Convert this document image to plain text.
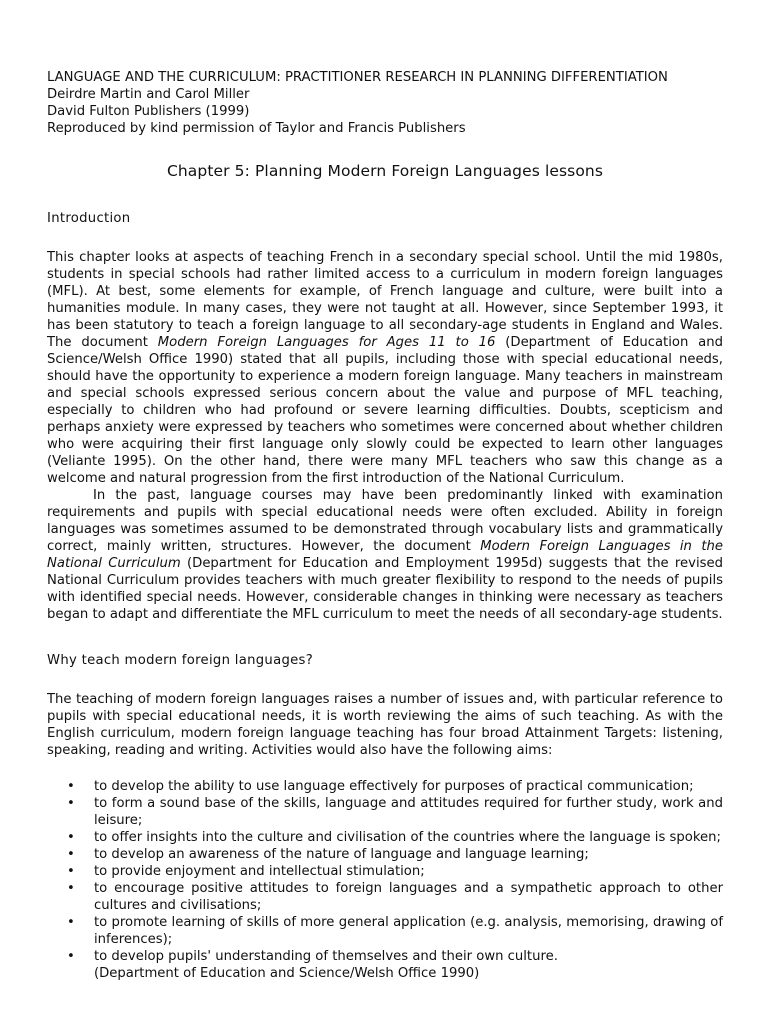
LANGUAGE AND THE CURRICULUM: PRACTITIONER RESEARCH IN PLANNING DIFFERENTIATION
Deirdre Martin and Carol Miller
David Fulton Publishers (1999)
Reproduced by kind permission of Taylor and Francis Publishers
Chapter 5: Planning Modern Foreign Languages lessons
Introduction

This chapter looks at aspects of teaching French in a secondary special school. Until the mid 1980s, students in special schools had rather limited access to a curriculum in modern foreign languages (MFL). At best, some elements for example, of French language and culture, were built into a humanities module. In many cases, they were not taught at all. However, since September 1993, it has been statutory to teach a foreign language to all secondary-age students in England and Wales. The document Modern Foreign Languages for Ages 11 to 16 (Department of Education and Science/Welsh Office 1990) stated that all pupils, including those with special educational needs, should have the opportunity to experience a modern foreign language. Many teachers in mainstream and special schools expressed serious concern about the value and purpose of MFL teaching, especially to children who had profound or severe learning difficulties. Doubts, scepticism and perhaps anxiety were expressed by teachers who sometimes were concerned about whether children who were acquiring their first language only slowly could be expected to learn other languages (Veliante 1995). On the other hand, there were many MFL teachers who saw this change as a welcome and natural progression from the first introduction of the National Curriculum.

In the past, language courses may have been predominantly linked with examination requirements and pupils with special educational needs were often excluded. Ability in foreign languages was sometimes assumed to be demonstrated through vocabulary lists and grammatically correct, mainly written, structures. However, the document Modern Foreign Languages in the National Curriculum (Department for Education and Employment 1995d) suggests that the revised National Curriculum provides teachers with much greater flexibility to respond to the needs of pupils with identified special needs. However, considerable changes in thinking were necessary as teachers began to adapt and differentiate the MFL curriculum to meet the needs of all secondary-age students.

Why teach modern foreign languages?

The teaching of modern foreign languages raises a number of issues and, with particular reference to pupils with special educational needs, it is worth reviewing the aims of such teaching. As with the English curriculum, modern foreign language teaching has four broad Attainment Targets: listening, speaking, reading and writing. Activities would also have the following aims:

• to develop the ability to use language effectively for purposes of practical communication;
• to form a sound base of the skills, language and attitudes required for further study, work and leisure;
• to offer insights into the culture and civilisation of the countries where the language is spoken;
• to develop an awareness of the nature of language and language learning;
• to provide enjoyment and intellectual stimulation;
• to encourage positive attitudes to foreign languages and a sympathetic approach to other cultures and civilisations;
• to promote learning of skills of more general application (e.g. analysis, memorising, drawing of inferences);
• to develop pupils' understanding of themselves and their own culture.

(Department of Education and Science/Welsh Office 1990)
